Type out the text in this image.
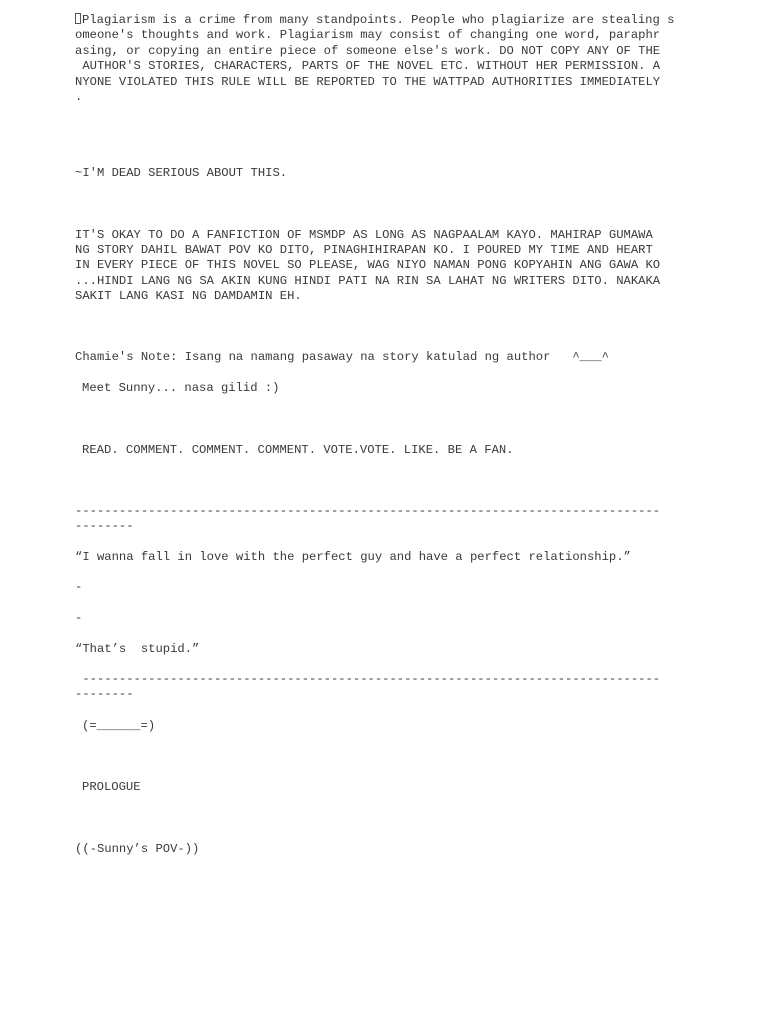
Plagiarism is a crime from many standpoints. People who plagiarize are stealing s
omeone's thoughts and work. Plagiarism may consist of changing one word, paraphr
asing, or copying an entire piece of someone else's work. DO NOT COPY ANY OF THE
AUTHOR'S STORIES, CHARACTERS, PARTS OF THE NOVEL ETC. WITHOUT HER PERMISSION. A
NYONE VIOLATED THIS RULE WILL BE REPORTED TO THE WATTPAD AUTHORITIES IMMEDIATELY
.
~I'M DEAD SERIOUS ABOUT THIS.
IT'S OKAY TO DO A FANFICTION OF MSMDP AS LONG AS NAGPAALAM KAYO. MAHIRAP GUMAWA
NG STORY DAHIL BAWAT POV KO DITO, PINAGHIHIRAPAN KO. I POURED MY TIME AND HEART
IN EVERY PIECE OF THIS NOVEL SO PLEASE, WAG NIYO NAMAN PONG KOPYAHIN ANG GAWA KO
...HINDI LANG NG SA AKIN KUNG HINDI PATI NA RIN SA LAHAT NG WRITERS DITO. NAKAKA
SAKIT LANG KASI NG DAMDAMIN EH.
Chamie's Note: Isang na namang pasaway na story katulad ng author   ^___^
Meet Sunny... nasa gilid :)
READ. COMMENT. COMMENT. COMMENT. VOTE.VOTE. LIKE. BE A FAN.
--------------------------------------------------------------------------------
--------
“I wanna fall in love with the perfect guy and have a perfect relationship.”
-
-
“That’s  stupid.”
-------------------------------------------------------------------------------
--------
(=______=)
PROLOGUE
((-Sunny’s POV-))
